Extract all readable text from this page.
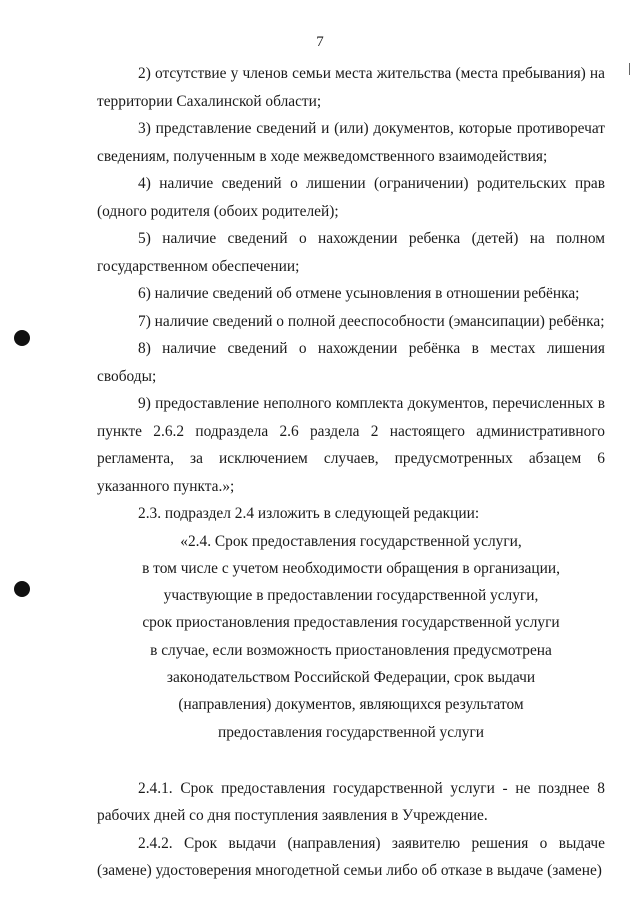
7

2) отсутствие у членов семьи места жительства (места пребывания) на территории Сахалинской области;

3) представление сведений и (или) документов, которые противоречат сведениям, полученным в ходе межведомственного взаимодействия;

4) наличие сведений о лишении (ограничении) родительских прав (одного родителя (обоих родителей);

5) наличие сведений о нахождении ребенка (детей) на полном государственном обеспечении;

6) наличие сведений об отмене усыновления в отношении ребёнка;

7) наличие сведений о полной дееспособности (эмансипации) ребёнка;

8) наличие сведений о нахождении ребёнка в местах лишения свободы;

9) предоставление неполного комплекта документов, перечисленных в пункте 2.6.2 подраздела 2.6 раздела 2 настоящего административного регламента, за исключением случаев, предусмотренных абзацем 6 указанного пункта.»;

2.3. подраздел 2.4 изложить в следующей редакции:

«2.4. Срок предоставления государственной услуги,

в том числе с учетом необходимости обращения в организации,

участвующие в предоставлении государственной услуги,

срок приостановления предоставления государственной услуги

в случае, если возможность приостановления предусмотрена

законодательством Российской Федерации, срок выдачи

(направления) документов, являющихся результатом

предоставления государственной услуги

2.4.1. Срок предоставления государственной услуги - не позднее 8 рабочих дней со дня поступления заявления в Учреждение.

2.4.2. Срок выдачи (направления) заявителю решения о выдаче (замене) удостоверения многодетной семьи либо об отказе в выдаче (замене)
